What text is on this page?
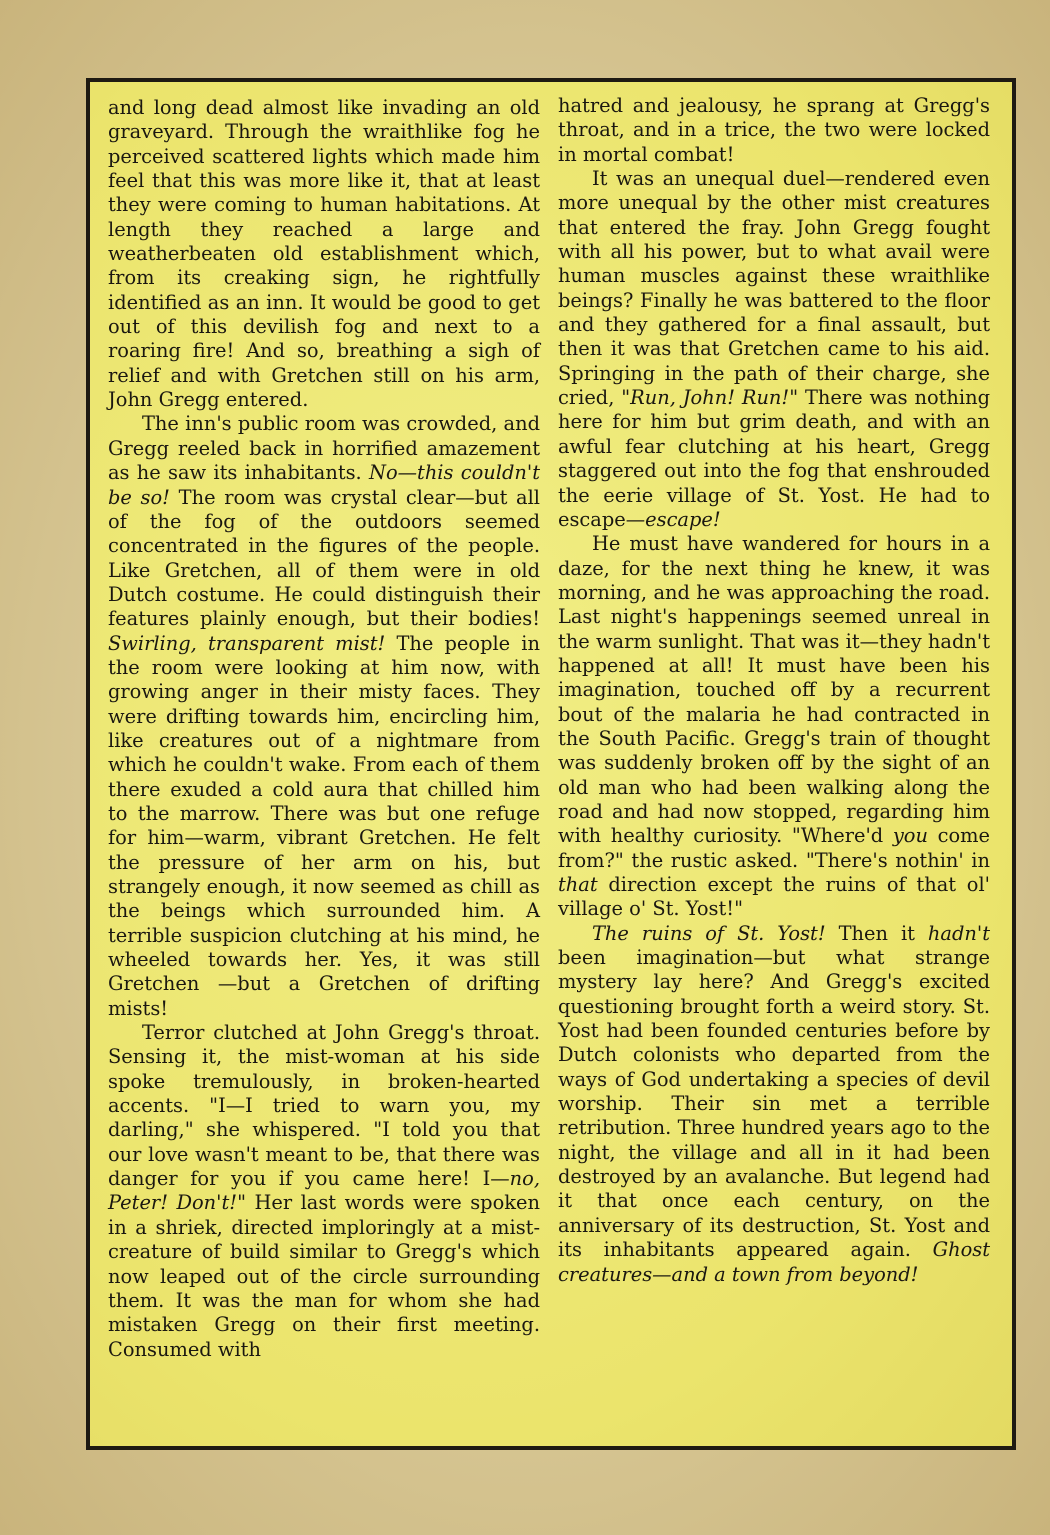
and long dead almost like invading an old graveyard. Through the wraithlike fog he perceived scattered lights which made him feel that this was more like it, that at least they were coming to human habitations. At length they reached a large and weatherbeaten old establishment which, from its creaking sign, he rightfully identified as an inn. It would be good to get out of this devilish fog and next to a roaring fire! And so, breathing a sigh of relief and with Gretchen still on his arm, John Gregg entered.

The inn's public room was crowded, and Gregg reeled back in horrified amazement as he saw its inhabitants. No—this couldn't be so! The room was crystal clear—but all of the fog of the outdoors seemed concentrated in the figures of the people. Like Gretchen, all of them were in old Dutch costume. He could distinguish their features plainly enough, but their bodies! Swirling, transparent mist! The people in the room were looking at him now, with growing anger in their misty faces. They were drifting towards him, encircling him, like creatures out of a nightmare from which he couldn't wake. From each of them there exuded a cold aura that chilled him to the marrow. There was but one refuge for him—warm, vibrant Gretchen. He felt the pressure of her arm on his, but strangely enough, it now seemed as chill as the beings which surrounded him. A terrible suspicion clutching at his mind, he wheeled towards her. Yes, it was still Gretchen —but a Gretchen of drifting mists!

Terror clutched at John Gregg's throat. Sensing it, the mist-woman at his side spoke tremulously, in broken-hearted accents. "I—I tried to warn you, my darling," she whispered. "I told you that our love wasn't meant to be, that there was danger for you if you came here! I—no, Peter! Don't!" Her last words were spoken in a shriek, directed imploringly at a mist-creature of build similar to Gregg's which now leaped out of the circle surrounding them. It was the man for whom she had mistaken Gregg on their first meeting. Consumed with

hatred and jealousy, he sprang at Gregg's throat, and in a trice, the two were locked in mortal combat!

It was an unequal duel—rendered even more unequal by the other mist creatures that entered the fray. John Gregg fought with all his power, but to what avail were human muscles against these wraithlike beings? Finally he was battered to the floor and they gathered for a final assault, but then it was that Gretchen came to his aid. Springing in the path of their charge, she cried, "Run, John! Run!" There was nothing here for him but grim death, and with an awful fear clutching at his heart, Gregg staggered out into the fog that enshrouded the eerie village of St. Yost. He had to escape—escape!

He must have wandered for hours in a daze, for the next thing he knew, it was morning, and he was approaching the road. Last night's happenings seemed unreal in the warm sunlight. That was it—they hadn't happened at all! It must have been his imagination, touched off by a recurrent bout of the malaria he had contracted in the South Pacific. Gregg's train of thought was suddenly broken off by the sight of an old man who had been walking along the road and had now stopped, regarding him with healthy curiosity. "Where'd you come from?" the rustic asked. "There's nothin' in that direction except the ruins of that ol' village o' St. Yost!"

The ruins of St. Yost! Then it hadn't been imagination—but what strange mystery lay here? And Gregg's excited questioning brought forth a weird story. St. Yost had been founded centuries before by Dutch colonists who departed from the ways of God undertaking a species of devil worship. Their sin met a terrible retribution. Three hundred years ago to the night, the village and all in it had been destroyed by an avalanche. But legend had it that once each century, on the anniversary of its destruction, St. Yost and its inhabitants appeared again. Ghost creatures—and a town from beyond!
